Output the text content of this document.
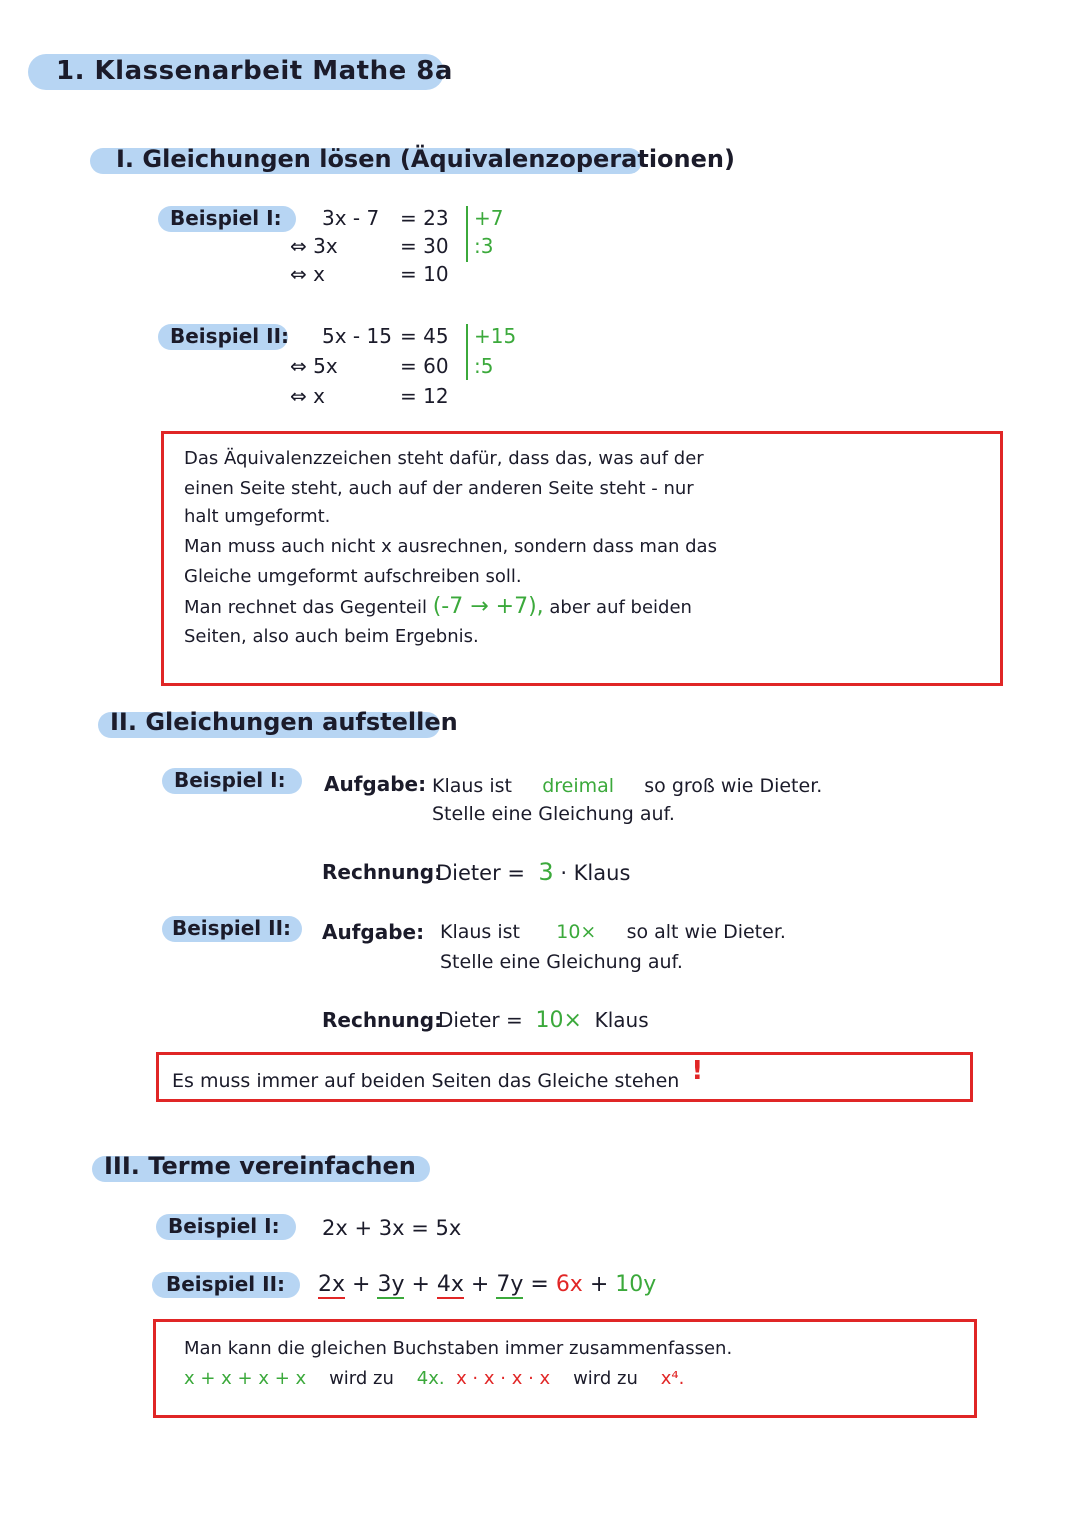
1. Klassenarbeit Mathe 8a
I. Gleichungen lösen (Äquivalenzoperationen)
Beispiel I: 3x - 7 = 23 +7
⇔ 3x	= 30 :3
⇔ x	= 10
Beispiel II: 5x - 15 = 45 +15
⇔ 5x	= 60 :5
⇔ x	= 12
Das Äquivalenzzeichen steht dafür, dass das, was auf der
einen Seite steht, auch auf der anderen Seite steht - nur
halt umgeformt.
Man muss auch nicht x ausrechnen, sondern dass man das
Gleiche umgeformt aufschreiben soll.
Man rechnet das Gegenteil (-7 → +7), aber auf beiden
Seiten, also auch beim Ergebnis.
II. Gleichungen aufstellen
Beispiel I: Aufgabe: Klaus ist dreimal so groß wie Dieter.
Stelle eine Gleichung auf.
Rechnung:
Dieter = 3 · Klaus
Beispiel II: Aufgabe: Klaus ist 10× so alt wie Dieter.
Stelle eine Gleichung auf.
Rechnung:
Dieter = 10× Klaus
Es muss immer auf beiden Seiten das Gleiche stehen !
III. Terme vereinfachen
Beispiel I: 2x + 3x = 5x
Beispiel II: 2x + 3y + 4x + 7y = 6x + 10y
Man kann die gleichen Buchstaben immer zusammenfassen.
x + x + x + x wird zu 4x. x · x · x · x wird zu x⁴.
